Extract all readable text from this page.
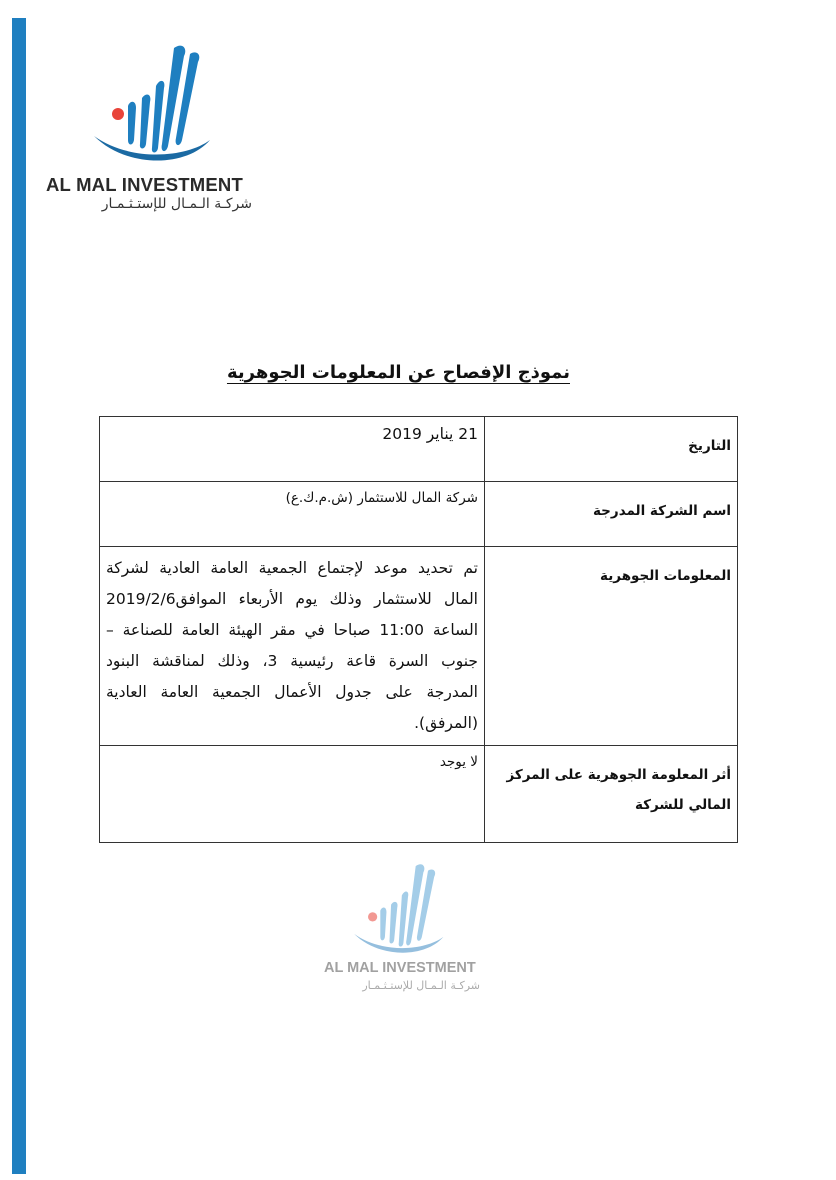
AL MAL INVESTMENT
شركـة الـمـال للإستـثـمـار
نموذج الإفصاح عن المعلومات الجوهرية
التاريخ	21 يناير 2019

اسم الشركة المدرجة	شركة المال للاستثمار (ش.م.ك.ع)

المعلومات الجوهرية	تم تحديد موعد لإجتماع الجمعية العامة العادية لشركة المال للاستثمار وذلك يوم الأربعاء الموافق2019/2/6 الساعة 11:00 صباحا في مقر الهيئة العامة للصناعة – جنوب السرة قاعة رئيسية 3، وذلك لمناقشة البنود المدرجة على جدول الأعمال الجمعية العامة العادية (المرفق).

أثر المعلومة الجوهرية على المركز المالي للشركة	لا يوجد
AL MAL INVESTMENT
شركـة الـمـال للإستـثـمـار
